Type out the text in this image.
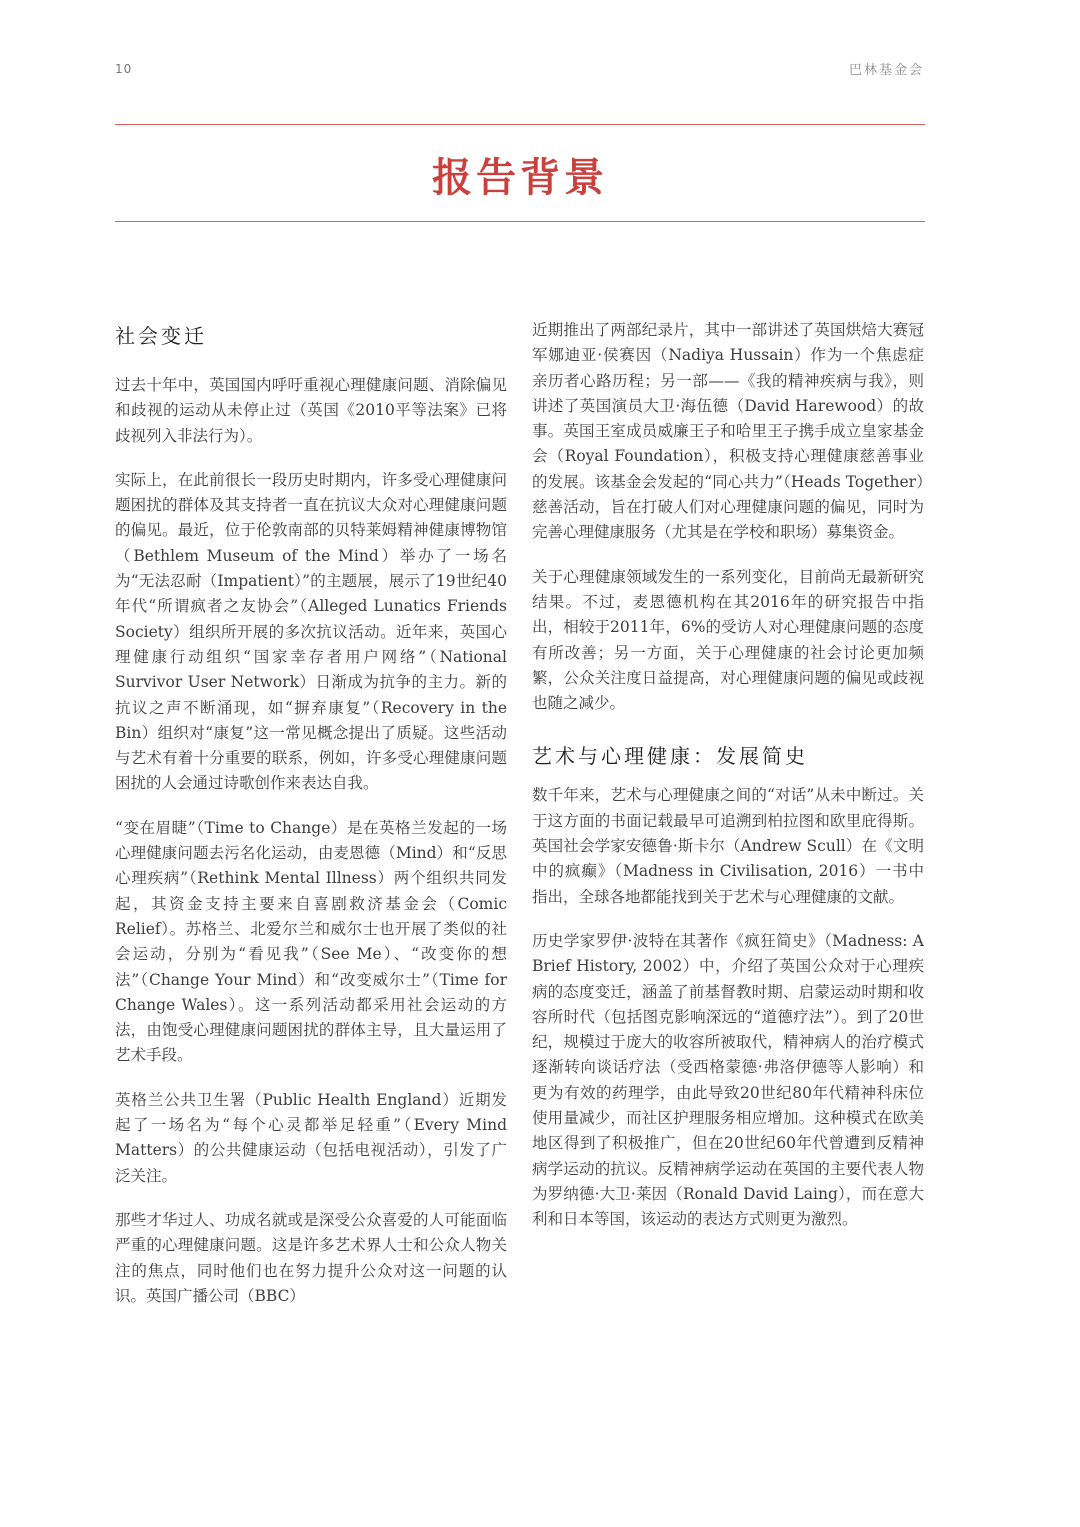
10	巴林基金会
报告背景
社会变迁

过去十年中，英国国内呼吁重视心理健康问题、消除偏见和歧视的运动从未停止过（英国《2010平等法案》已将歧视列入非法行为）。

实际上，在此前很长一段历史时期内，许多受心理健康问题困扰的群体及其支持者一直在抗议大众对心理健康问题的偏见。最近，位于伦敦南部的贝特莱姆精神健康博物馆（Bethlem Museum of the Mind）举办了一场名为“无法忍耐（Impatient）”的主题展，展示了19世纪40年代“所谓疯者之友协会”（Alleged Lunatics Friends Society）组织所开展的多次抗议活动。近年来，英国心理健康行动组织“国家幸存者用户网络”（National Survivor User Network）日渐成为抗争的主力。新的抗议之声不断涌现，如“摒弃康复”（Recovery in the Bin）组织对“康复”这一常见概念提出了质疑。这些活动与艺术有着十分重要的联系，例如，许多受心理健康问题困扰的人会通过诗歌创作来表达自我。

“变在眉睫”（Time to Change）是在英格兰发起的一场心理健康问题去污名化运动，由麦恩德（Mind）和“反思心理疾病”（Rethink Mental Illness）两个组织共同发起，其资金支持主要来自喜剧救济基金会（Comic Relief）。苏格兰、北爱尔兰和威尔士也开展了类似的社会运动，分别为“看见我”（See Me）、“改变你的想法”（Change Your Mind）和“改变威尔士”（Time for Change Wales）。这一系列活动都采用社会运动的方法，由饱受心理健康问题困扰的群体主导，且大量运用了艺术手段。

英格兰公共卫生署（Public Health England）近期发起了一场名为“每个心灵都举足轻重”（Every Mind Matters）的公共健康运动（包括电视活动），引发了广泛关注。

那些才华过人、功成名就或是深受公众喜爱的人可能面临严重的心理健康问题。这是许多艺术界人士和公众人物关注的焦点，同时他们也在努力提升公众对这一问题的认识。英国广播公司（BBC）

近期推出了两部纪录片，其中一部讲述了英国烘焙大赛冠军娜迪亚·侯赛因（Nadiya Hussain）作为一个焦虑症亲历者心路历程；另一部——《我的精神疾病与我》，则讲述了英国演员大卫·海伍德（David Harewood）的故事。英国王室成员威廉王子和哈里王子携手成立皇家基金会（Royal Foundation），积极支持心理健康慈善事业的发展。该基金会发起的“同心共力”（Heads Together）慈善活动，旨在打破人们对心理健康问题的偏见，同时为完善心理健康服务（尤其是在学校和职场）募集资金。

关于心理健康领域发生的一系列变化，目前尚无最新研究结果。不过，麦恩德机构在其2016年的研究报告中指出，相较于2011年，6%的受访人对心理健康问题的态度有所改善；另一方面，关于心理健康的社会讨论更加频繁，公众关注度日益提高，对心理健康问题的偏见或歧视也随之减少。

艺术与心理健康：发展简史

数千年来，艺术与心理健康之间的“对话”从未中断过。关于这方面的书面记载最早可追溯到柏拉图和欧里庇得斯。英国社会学家安德鲁·斯卡尔（Andrew Scull）在《文明中的疯癫》（Madness in Civilisation, 2016）一书中指出，全球各地都能找到关于艺术与心理健康的文献。

历史学家罗伊·波特在其著作《疯狂简史》（Madness: A Brief History, 2002）中，介绍了英国公众对于心理疾病的态度变迁，涵盖了前基督教时期、启蒙运动时期和收容所时代（包括图克影响深远的“道德疗法”）。到了20世纪，规模过于庞大的收容所被取代，精神病人的治疗模式逐渐转向谈话疗法（受西格蒙德·弗洛伊德等人影响）和更为有效的药理学，由此导致20世纪80年代精神科床位使用量减少，而社区护理服务相应增加。这种模式在欧美地区得到了积极推广，但在20世纪60年代曾遭到反精神病学运动的抗议。反精神病学运动在英国的主要代表人物为罗纳德·大卫·莱因（Ronald David Laing），而在意大利和日本等国，该运动的表达方式则更为激烈。
